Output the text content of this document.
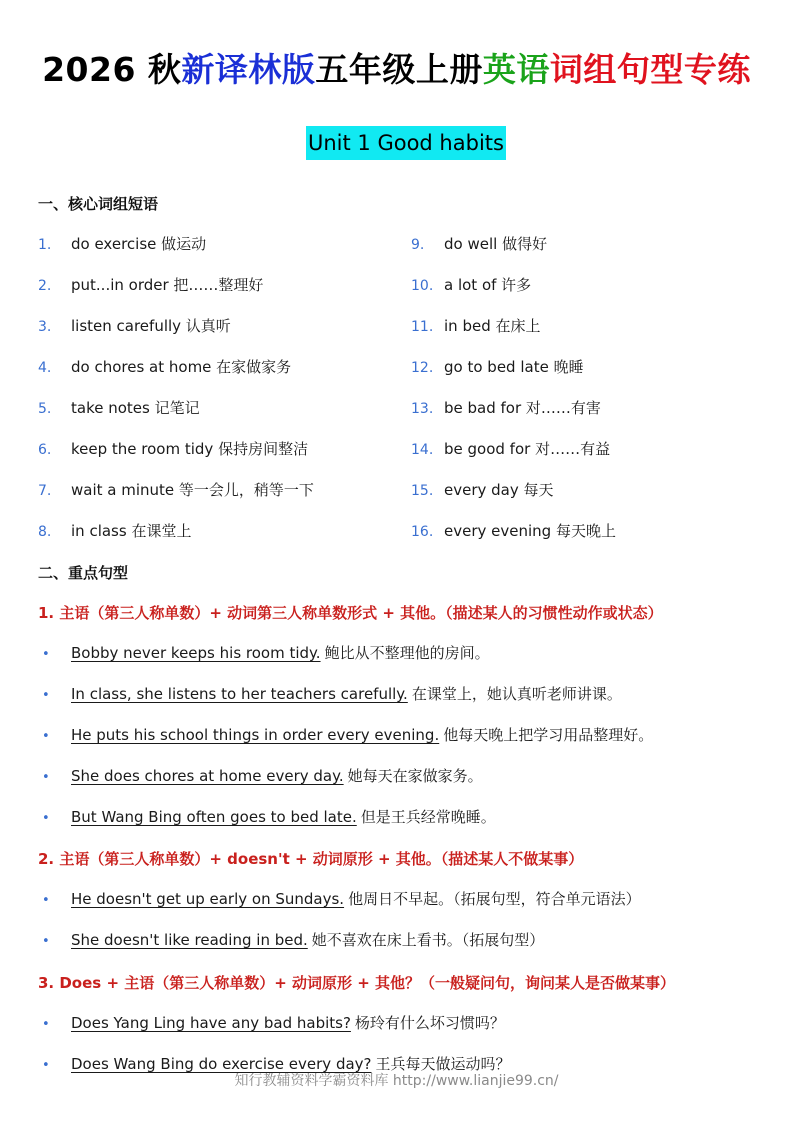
2026 秋新译林版五年级上册英语词组句型专练
Unit 1 Good habits
一、核心词组短语
1. do exercise 做运动
2. put...in order 把……整理好
3. listen carefully 认真听
4. do chores at home 在家做家务
5. take notes 记笔记
6. keep the room tidy 保持房间整洁
7. wait a minute 等一会儿，稍等一下
8. in class 在课堂上
9. do well 做得好
10. a lot of 许多
11. in bed 在床上
12. go to bed late 晚睡
13. be bad for 对……有害
14. be good for 对……有益
15. every day 每天
16. every evening 每天晚上
二、重点句型
1. 主语（第三人称单数）+ 动词第三人称单数形式 + 其他。（描述某人的习惯性动作或状态）
• Bobby never keeps his room tidy. 鲍比从不整理他的房间。
• In class, she listens to her teachers carefully. 在课堂上，她认真听老师讲课。
• He puts his school things in order every evening. 他每天晚上把学习用品整理好。
• She does chores at home every day. 她每天在家做家务。
• But Wang Bing often goes to bed late. 但是王兵经常晚睡。
2. 主语（第三人称单数）+ doesn't + 动词原形 + 其他。（描述某人不做某事）
• He doesn't get up early on Sundays. 他周日不早起。（拓展句型，符合单元语法）
• She doesn't like reading in bed. 她不喜欢在床上看书。（拓展句型）
3. Does + 主语（第三人称单数）+ 动词原形 + 其他？（一般疑问句，询问某人是否做某事）
• Does Yang Ling have any bad habits? 杨玲有什么坏习惯吗？
• Does Wang Bing do exercise every day? 王兵每天做运动吗？
知行教辅资料学霸资料库 http://www.lianjie99.cn/
